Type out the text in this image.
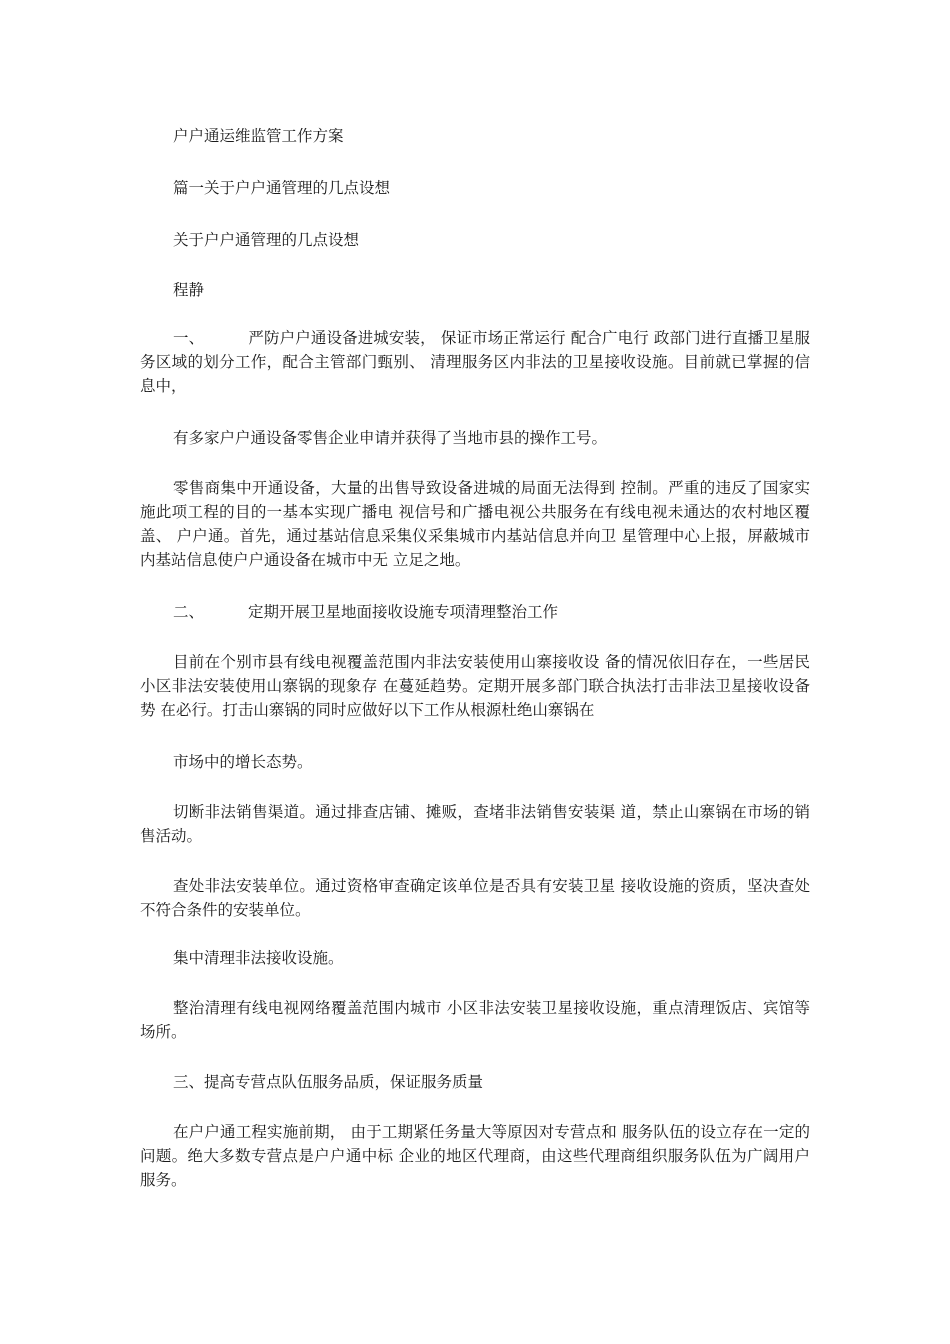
户户通运维监管工作方案

篇一关于户户通管理的几点设想

关于户户通管理的几点设想

程静

一、	严防户户通设备进城安装， 保证市场正常运行 配合广电行 政部门进行直播卫星服务区域的划分工作，配合主管部门甄别、 清理服务区内非法的卫星接收设施。目前就已掌握的信息中，

有多家户户通设备零售企业申请并获得了当地市县的操作工号。

零售商集中开通设备，大量的出售导致设备进城的局面无法得到 控制。严重的违反了国家实施此项工程的目的一基本实现广播电 视信号和广播电视公共服务在有线电视未通达的农村地区覆盖、 户户通。首先，通过基站信息采集仪采集城市内基站信息并向卫 星管理中心上报，屏蔽城市内基站信息使户户通设备在城市中无 立足之地。

二、	定期开展卫星地面接收设施专项清理整治工作

目前在个别市县有线电视覆盖范围内非法安装使用山寨接收设 备的情况依旧存在，一些居民小区非法安装使用山寨锅的现象存 在蔓延趋势。定期开展多部门联合执法打击非法卫星接收设备势 在必行。打击山寨锅的同时应做好以下工作从根源杜绝山寨锅在

市场中的增长态势。

切断非法销售渠道。通过排查店铺、摊贩，查堵非法销售安装渠 道，禁止山寨锅在市场的销售活动。

查处非法安装单位。通过资格审查确定该单位是否具有安装卫星 接收设施的资质，坚决查处不符合条件的安装单位。

集中清理非法接收设施。

整治清理有线电视网络覆盖范围内城市 小区非法安装卫星接收设施，重点清理饭店、宾馆等场所。

三、提高专营点队伍服务品质，保证服务质量

在户户通工程实施前期， 由于工期紧任务量大等原因对专营点和 服务队伍的设立存在一定的问题。绝大多数专营点是户户通中标 企业的地区代理商，由这些代理商组织服务队伍为广阔用户服务。
